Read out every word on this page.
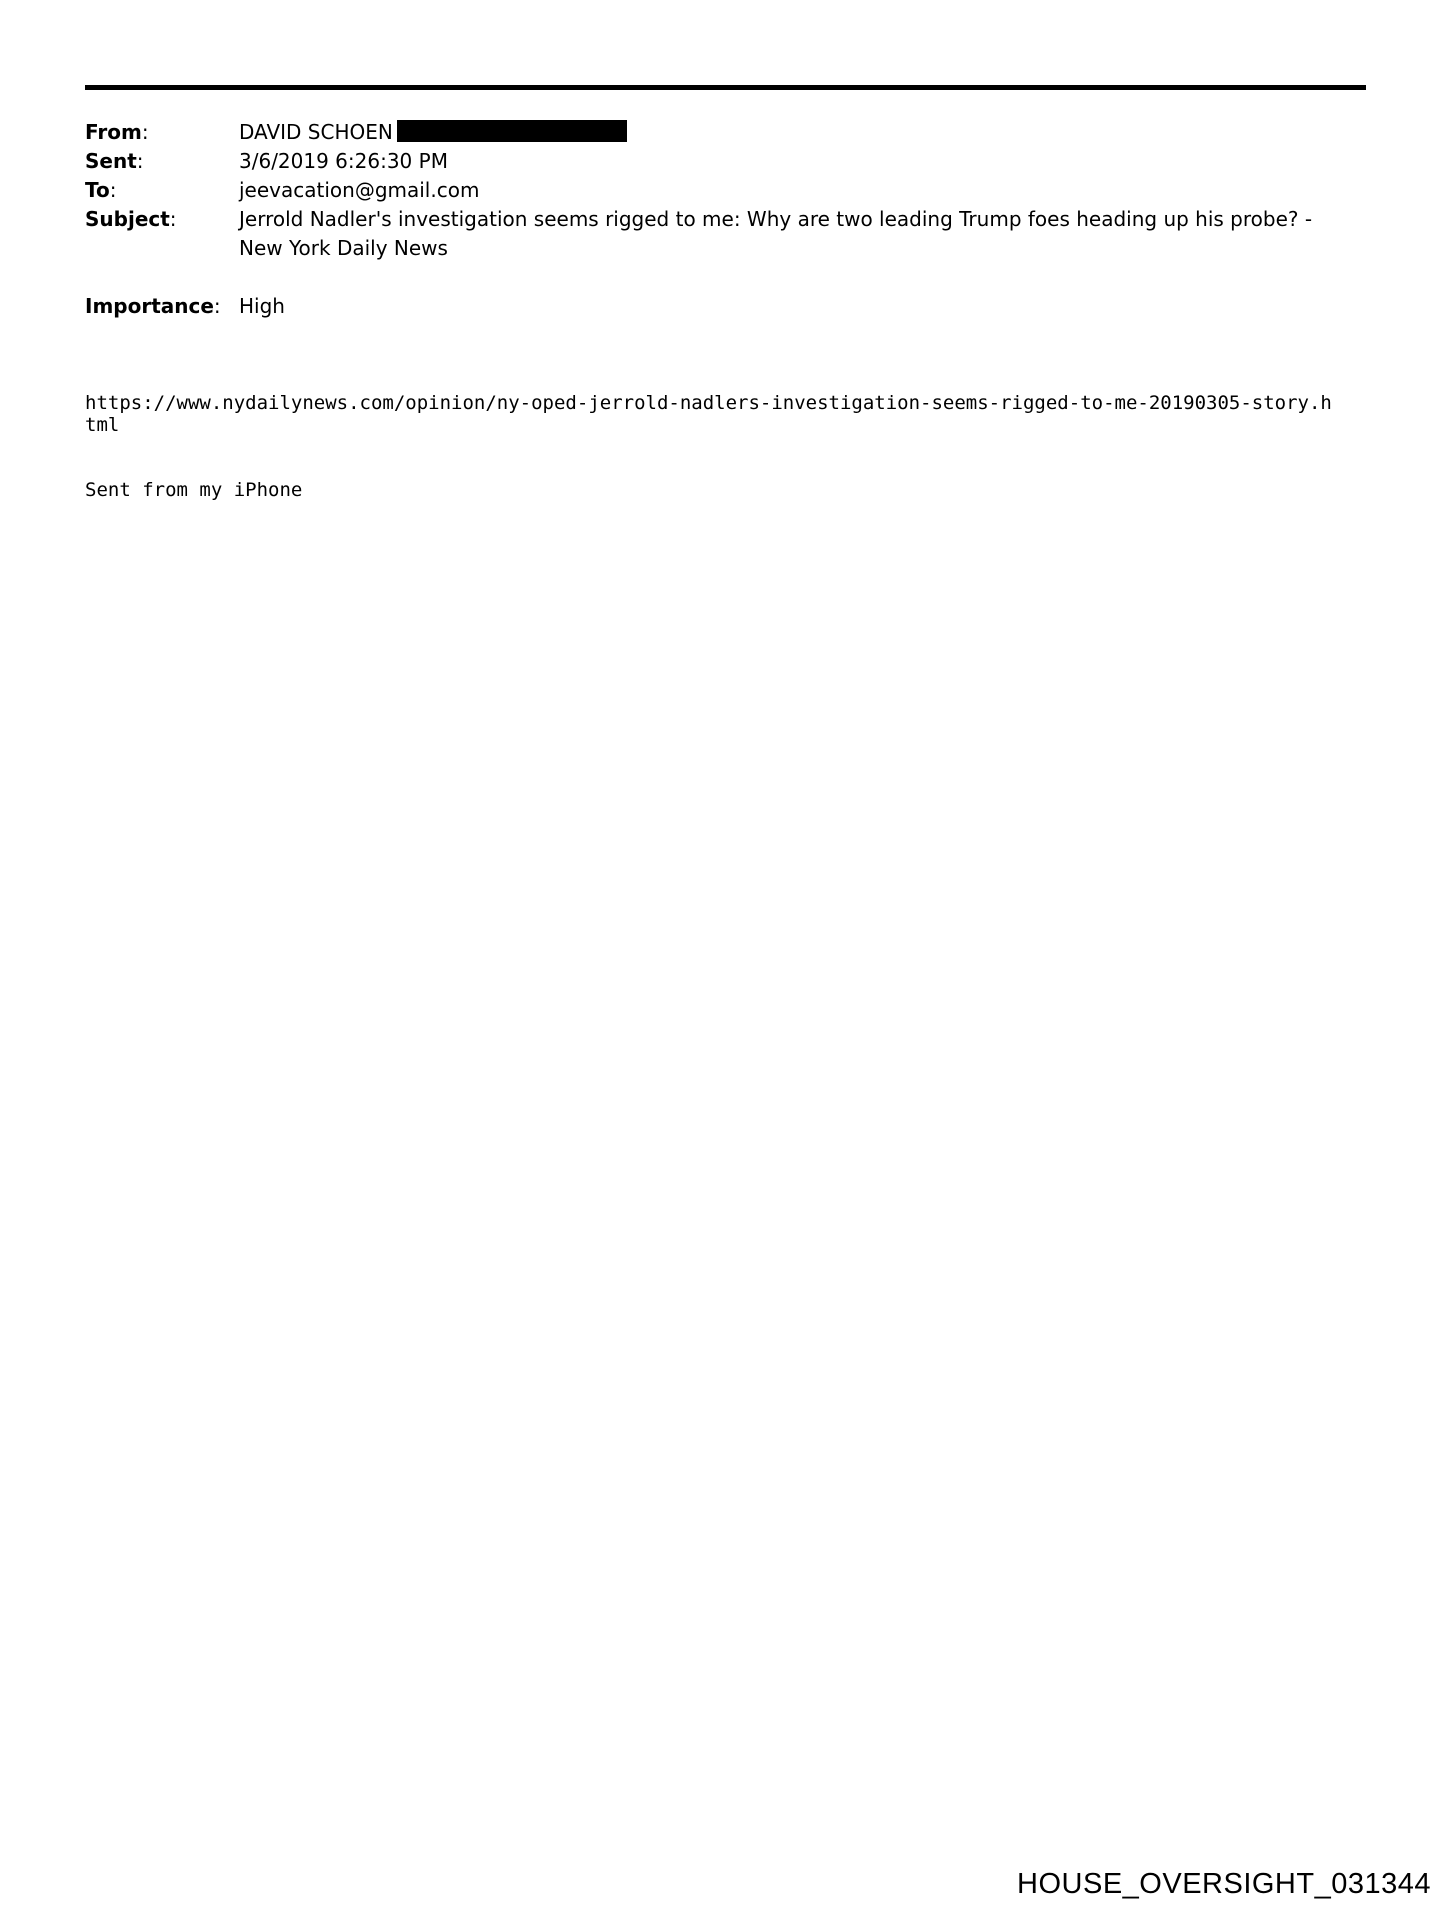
From:	DAVID SCHOEN
Sent:	3/6/2019 6:26:30 PM
To:	jeevacation@gmail.com
Subject:	Jerrold Nadler's investigation seems rigged to me: Why are two leading Trump foes heading up his probe? - New York Daily News
Importance: High
https://www.nydailynews.com/opinion/ny-oped-jerrold-nadlers-investigation-seems-rigged-to-me-20190305-story.html
Sent from my iPhone
HOUSE_OVERSIGHT_031344
